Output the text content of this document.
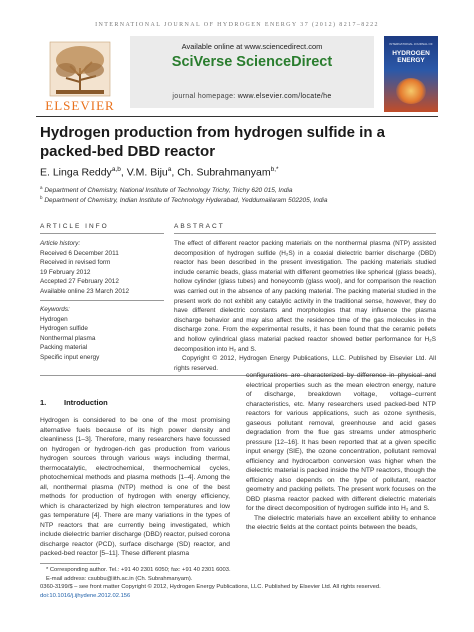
INTERNATIONAL JOURNAL OF HYDROGEN ENERGY 37 (2012) 8217–8222
ELSEVIER
Available online at www.sciencedirect.com
SciVerse ScienceDirect
journal homepage: www.elsevier.com/locate/he
INTERNATIONAL JOURNAL OF
HYDROGEN
ENERGY
Hydrogen production from hydrogen sulfide in a packed-bed DBD reactor
E. Linga Reddy$^{a,b}$, V.M. Biju$^a$, Ch. Subrahmanyam$^{b,*}$
$^a$ Department of Chemistry, National Institute of Technology Trichy, Trichy 620 015, India
$^b$ Department of Chemistry, Indian Institute of Technology Hyderabad, Yeddumailaram 502205, India
ARTICLE INFO	ABSTRACT
Article history:
Received 6 December 2011
Received in revised form
19 February 2012
Accepted 27 February 2012
Available online 23 March 2012
Keywords:
Hydrogen
Hydrogen sulfide
Nonthermal plasma
Packing material
Specific input energy
The effect of different reactor packing materials on the nonthermal plasma (NTP) assisted decomposition of hydrogen sulfide (H₂S) in a coaxial dielectric barrier discharge (DBD) reactor has been described in the present investigation. The packing materials studied include ceramic beads, glass material with different geometries like spherical (glass beads), hollow cylinder (glass tubes) and honeycomb (glass wool), and for comparison the reaction was carried out in the absence of any packing material. The packing material studied in the present work do not exhibit any catalytic activity in the traditional sense, however, they do have different dielectric constants and morphologies that may influence the plasma discharge behavior and may also affect the residence time of the gas molecules in the discharge zone. From the experimental results, it has been found that the ceramic pellets and hollow cylindrical glass material packed reactor showed better performance for H₂S decomposition into H₂ and S.
Copyright © 2012, Hydrogen Energy Publications, LLC. Published by Elsevier Ltd. All rights reserved.
1. Introduction

Hydrogen is considered to be one of the most promising alternative fuels because of its high power density and cleanliness [1–3]. Therefore, many researchers have focussed on hydrogen or hydrogen-rich gas production from various hydrogen sources through various ways including thermal, thermocatalytic, electrochemical, thermochemical cycles, photochemical methods and plasma methods [1–4]. Among the all, nonthermal plasma (NTP) method is one of the best methods for production of hydrogen with energy efficiency, which is characterized by high electron temperatures and low gas temperature [4]. There are many variations in the types of NTP reactors that are currently being investigated, which include dielectric barrier discharge (DBD) reactor, pulsed corona discharge reactor (PCD), surface discharge (SD) reactor, and packed-bed reactor [5–11]. These different plasma

configurations are characterized by difference in physical and electrical properties such as the mean electron energy, nature of discharge, breakdown voltage, voltage–current characteristics, etc. Many researchers used packed-bed NTP reactors for various applications, such as ozone synthesis, gaseous pollutant removal, greenhouse and acid gases degradation from the flue gas streams under atmospheric pressure [12–16]. It has been reported that at a given specific input energy (SIE), the ozone concentration, pollutant removal efficiency and hydrocarbon conversion was higher when the dielectric material is packed inside the NTP reactors, though the efficiency also depends on the type of pollutant, reactor geometry and packing pellets. The present work focuses on the DBD plasma reactor packed with different dielectric materials for the direct decomposition of hydrogen sulfide into H₂ and S.

The dielectric materials have an excellent ability to enhance the electric fields at the contact points between the beads,

* Corresponding author. Tel.: +91 40 2301 6050; fax: +91 40 2301 6003.
E-mail address: csubbu@iith.ac.in (Ch. Subrahmanyam).
0360-3199/$ – see front matter Copyright © 2012, Hydrogen Energy Publications, LLC. Published by Elsevier Ltd. All rights reserved.
doi:10.1016/j.ijhydene.2012.02.156
